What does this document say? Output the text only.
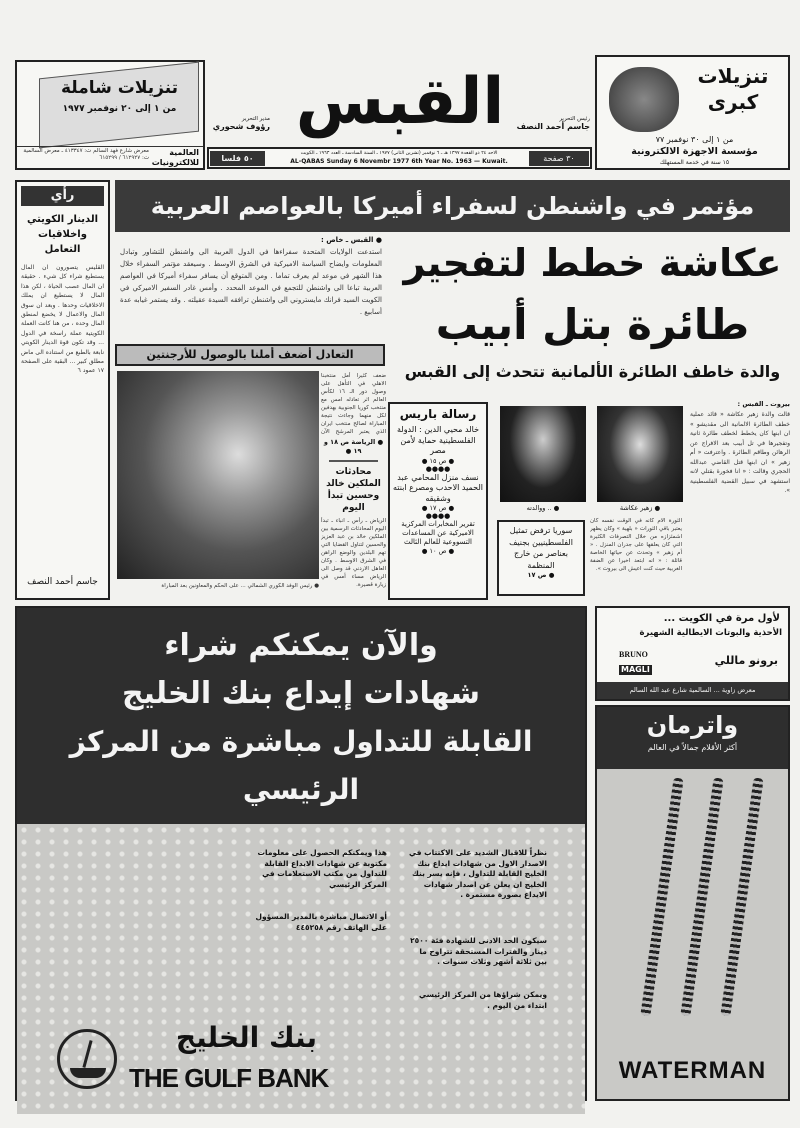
تنزيلات شاملة
من ١ إلى ٢٠ نوفمبر ١٩٧٧
العالمية للالكترونيات
معرض شارع فهد السالم ت: ٤١٣٣٤٧ ـ معرض السالمية ت: ٦١٢٩٢٧ / ٦١٥٢٩٩
القبس	رئيس التحرير
جاسم أحمد النصف
مدير التحرير
رؤوف شحوري
٣٠ صفحة
٥٠ فلسا
الاحد ٢٤ ذو القعدة ١٣٩٧ هـ ـ ٦ نوفمبر (تشرين الثاني) ١٩٧٧ ـ السنة السادسة ـ العدد ١٩٦٣ ـ الكويت
AL-QABAS Sunday 6 Novembr 1977 6th Year No. 1963 — Kuwait.
تنزيلات كبرى
من ١ إلى ٣٠ نوفمبر ٧٧
مؤسسة الاجهزة الالكترونية
١٥ سنة في خدمة المستهلك
مؤتمر في واشنطن لسفراء أميركا بالعواصم العربية
رأي
الدينار الكويتي واخلاقيات التعامل
القليس يتصورون ان المال يستطيع شراء كل شيء . حقيقة ان المال عصب الحياة ، لكن هذا المال لا يستطيع ان يملك الاخلاقيات وحدها . وبعد ان سوق المال والاعمال لا يخضع لمنطق المال وحده ، من هنا كانت العملة الكويتية عملة راسخة في الدول ... وقد تكون قوة الدينار الكويتي نابعة بالطبع من استناده الى ماض مطلق كبير ... البقية على الصفحة ١٧ عمود ٦
جاسم أحمد النصف
● القبس ـ خاص :
استدعت الولايات المتحدة سفراءها في الدول العربية الى واشنطن للتشاور وتبادل المعلومات وايضاح السياسة الاميركية في الشرق الاوسط . وسيعقد مؤتمر السفراء خلال هذا الشهر في موعد لم يعرف تماما . ومن المتوقع أن يسافر سفراء أميركا في العواصم العربية تباعا الى واشنطن للتجمع في الموعد المحدد . وأمس غادر السفير الاميركي في الكويت السيد فرانك مايستروني الى واشنطن ترافقه السيدة عقيلته . وقد يستمر غيابه عدة أسابيع .
عكاشة خطط لتفجير
طائرة بتل أبيب
والدة خاطف الطائرة الألمانية تتحدث إلى القبس
التعادل أضعف أملنا بالوصول للأرجنتين
● رئيس الوفد الكوري الشمالي ... على الحكم والمعاونين بعد المباراة
ضعف كثيرا أمل منتخبنا الاهلي في التأهل على وصول دور الـ ١٦ لكأس العالم اثر تعادله امس مع منتخب كوريا الجنوبية بهدفين لكل منهما وجاءت نتيجة المباراة لصالح منتخب ايران الذي يعتبر المرشح الآن
● الرياضة ص ١٨ و ١٩ ●
محادثات الملكين خالد وحسين تبدأ اليوم
الرياض ـ رأس ـ انباء ـ تبدأ اليوم المحادثات الرسمية بين الملكين خالد بن عبد العزيز والحسين لتناول القضايا التي تهم البلدين والوضع الراهن في الشرق الاوسط . وكان العاهل الاردني قد وصل الى الرياض مساء أمس في زيارة قصيرة.
رسالة باريس
خالد محيي الدين : الدولة الفلسطينية حماية لأمن مصر
● ص ١٥ ●
●●●●
نسف منزل المحامي عبد الحميد الاحدب ومصرع ابنته وشقيقه
● ص ١٧ ●
●●●●
تقرير المخابرات المركزية الاميركية عن المساعدات التسووعية للعالم الثالث
● ص ١٠ ●
● .. ووالدته	● زهير عكاشة
سوريا ترفض تمثيل الفلسطينيين بجنيف بعناصر من خارج المنظمة
● ص ١٧
الثورة الام كانه في الوقت نفسه كان يعتبر باقي الثورات « بلهية » وكان يظهر اشمئزازه من خلال التصرفات الكثيرة التي كان يعلقها على جدران المنزل . « أم زهير » وتحدث عن حياتها الخاصة قائلة : « انه ابتعد اخيرا عن الضفة الغربية حيث كنت اعيش الى بيروت ».
بيروت ـ القبس :
قالت والدة زهير عكاشة « قائد عملية خطف الطائرة الالمانية الى مقديشو » ان ابنها كان يخطط لخطف طائرة ثانية وتفجيرها في تل أبيب بعد الافراج عن الرهائن وطاقم الطائرة . واعترفت « أم زهير » ان ابنها قتل القاضي عبدالله الحجري وقالت : « انا فخورة بقتلي لانه استشهد في سبيل القضية الفلسطينية ».
والآن يمكنكم شراء
شهادات إيداع بنك الخليج
القابلة للتداول مباشرة من المركز الرئيسي
نظراً للاقبال الشديد على الاكتتاب في الاصدار الاول من شهادات ايداع بنك الخليج القابلة للتداول ، فإنه يسر بنك الخليج ان يعلن عن اصدار شهادات الايداع بصورة مستمرة .
سيكون الحد الادنى للشهادة فئة ٢٥٠٠ دينار والفترات المستحقة تتراوح ما بين ثلاثة أشهر وثلاث سنوات .
ويمكن شراؤها من المركز الرئيسي ابتداء من اليوم .
هذا ويمكنكم الحصول على معلومات مكتوبة عن شهادات الايداع القابلة للتداول من مكتب الاستعلامات في المركز الرئيسي
أو الاتصال مباشرة بالمدير المسؤول على الهاتف رقم ٤٤٥٢٥٨
بنك الخليج
THE GULF BANK
لأول مرة في الكويت ...
الأحذية والبوتات الايطالية الشهيرة
BRUNO
MAGLI
برونو ماللي
معرض زاوية ... السالمية شارع عبد الله السالم
واترمان
أكثر الأقلام جمالاً في العالم
WATERMAN
